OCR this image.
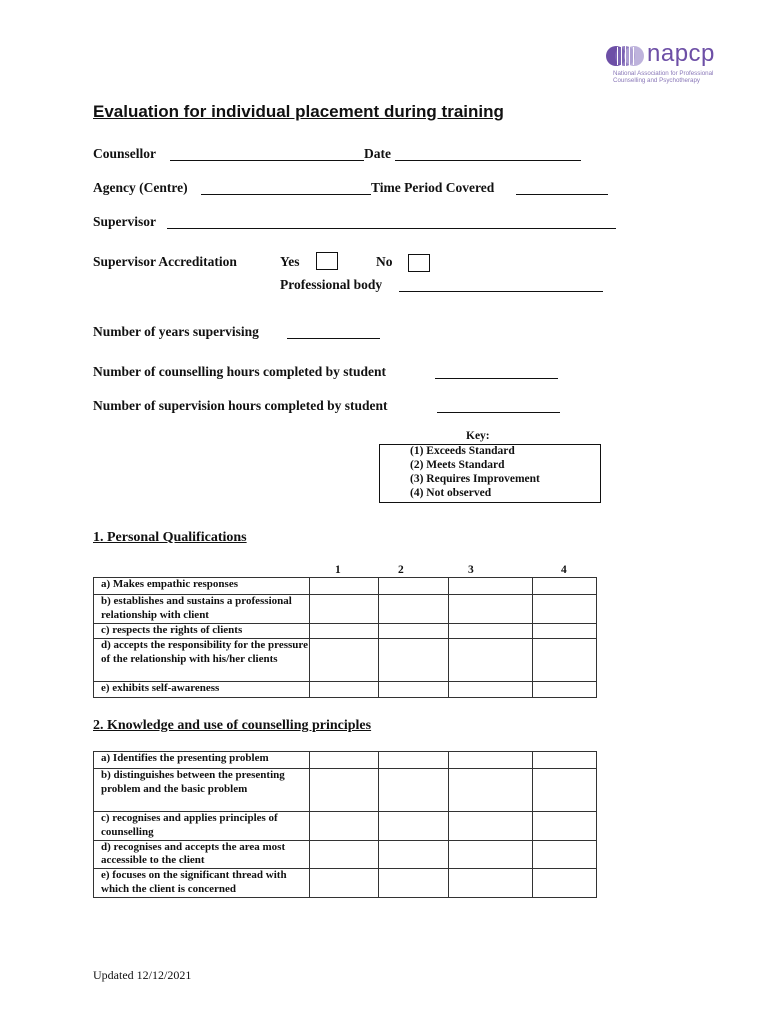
napcp
National Association for Professional Counselling and Psychotherapy
Evaluation for individual placement during training
Counsellor	Date
Agency (Centre)	Time Period Covered
Supervisor
Supervisor Accreditation	Yes	No
Professional body
Number of years supervising
Number of counselling hours completed by student
Number of supervision hours completed by student
Key:
(1) Exceeds Standard
(2) Meets Standard
(3) Requires Improvement
(4) Not observed
1. Personal Qualifications
1	2	3	4
a) Makes empathic responses				
b) establishes and sustains a professional relationship with client				
c) respects the rights of clients				
d) accepts the responsibility for the pressure of the relationship with his/her clients				
e) exhibits self-awareness				
2. Knowledge and use of counselling principles
a) Identifies the presenting problem				
b) distinguishes between the presenting problem and the basic problem				
c) recognises and applies principles of counselling				
d) recognises and accepts the area most accessible to the client				
e) focuses on the significant thread with which the client is concerned				
Updated 12/12/2021
